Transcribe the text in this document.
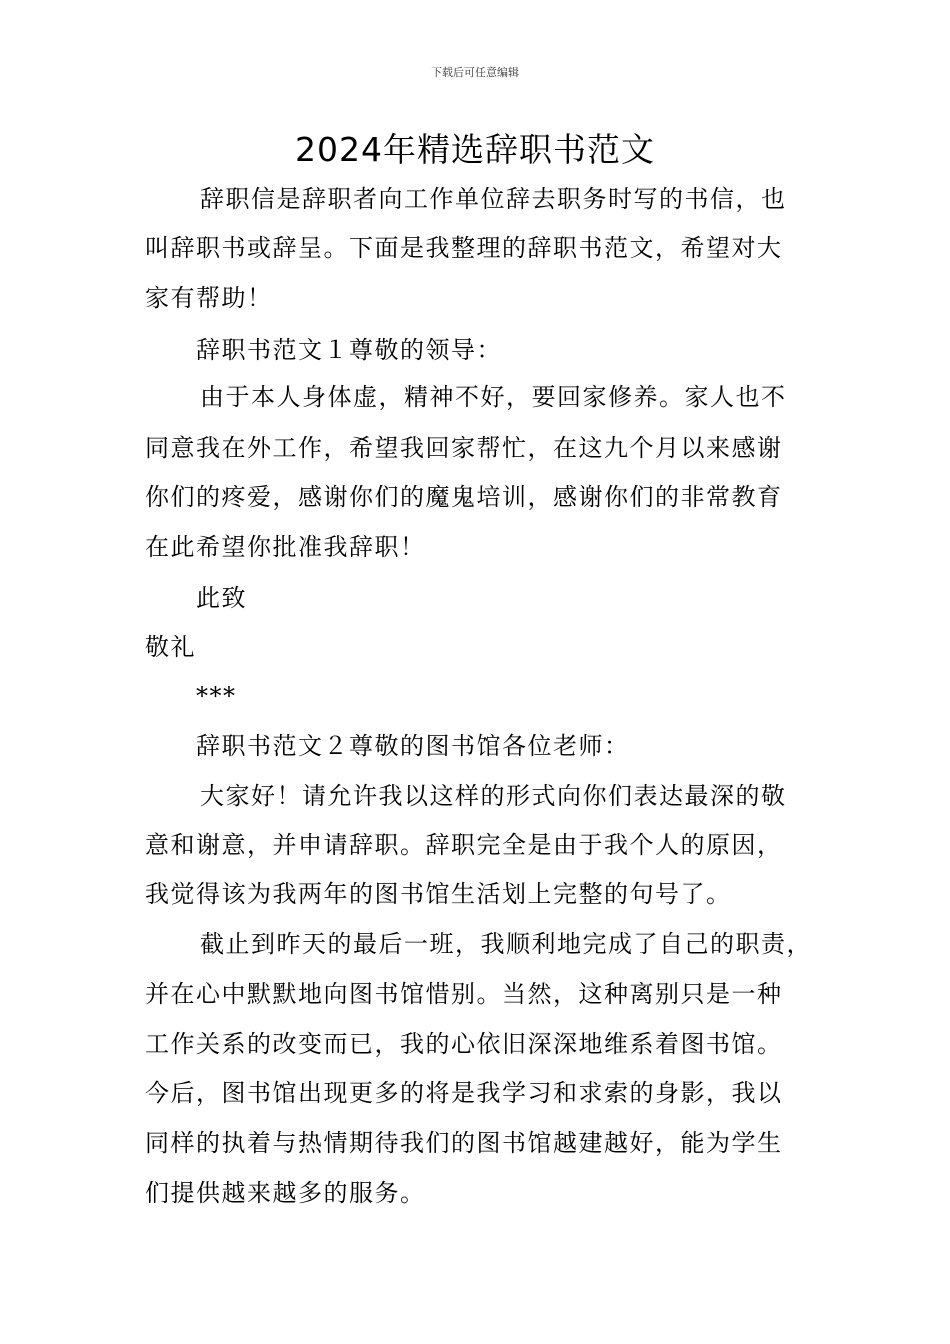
下载后可任意编辑
2024年精选辞职书范文
辞职信是辞职者向工作单位辞去职务时写的书信，也
叫辞职书或辞呈。下面是我整理的辞职书范文，希望对大
家有帮助！
辞职书范文１尊敬的领导：
由于本人身体虚，精神不好，要回家修养。家人也不
同意我在外工作，希望我回家帮忙，在这九个月以来感谢
你们的疼爱，感谢你们的魔鬼培训，感谢你们的非常教育
在此希望你批准我辞职！
此致
敬礼
***
辞职书范文２尊敬的图书馆各位老师：
大家好！请允许我以这样的形式向你们表达最深的敬
意和谢意，并申请辞职。辞职完全是由于我个人的原因，
我觉得该为我两年的图书馆生活划上完整的句号了。
截止到昨天的最后一班，我顺利地完成了自己的职责，
并在心中默默地向图书馆惜别。当然，这种离别只是一种
工作关系的改变而已，我的心依旧深深地维系着图书馆。
今后，图书馆出现更多的将是我学习和求索的身影，我以
同样的执着与热情期待我们的图书馆越建越好，能为学生
们提供越来越多的服务。
